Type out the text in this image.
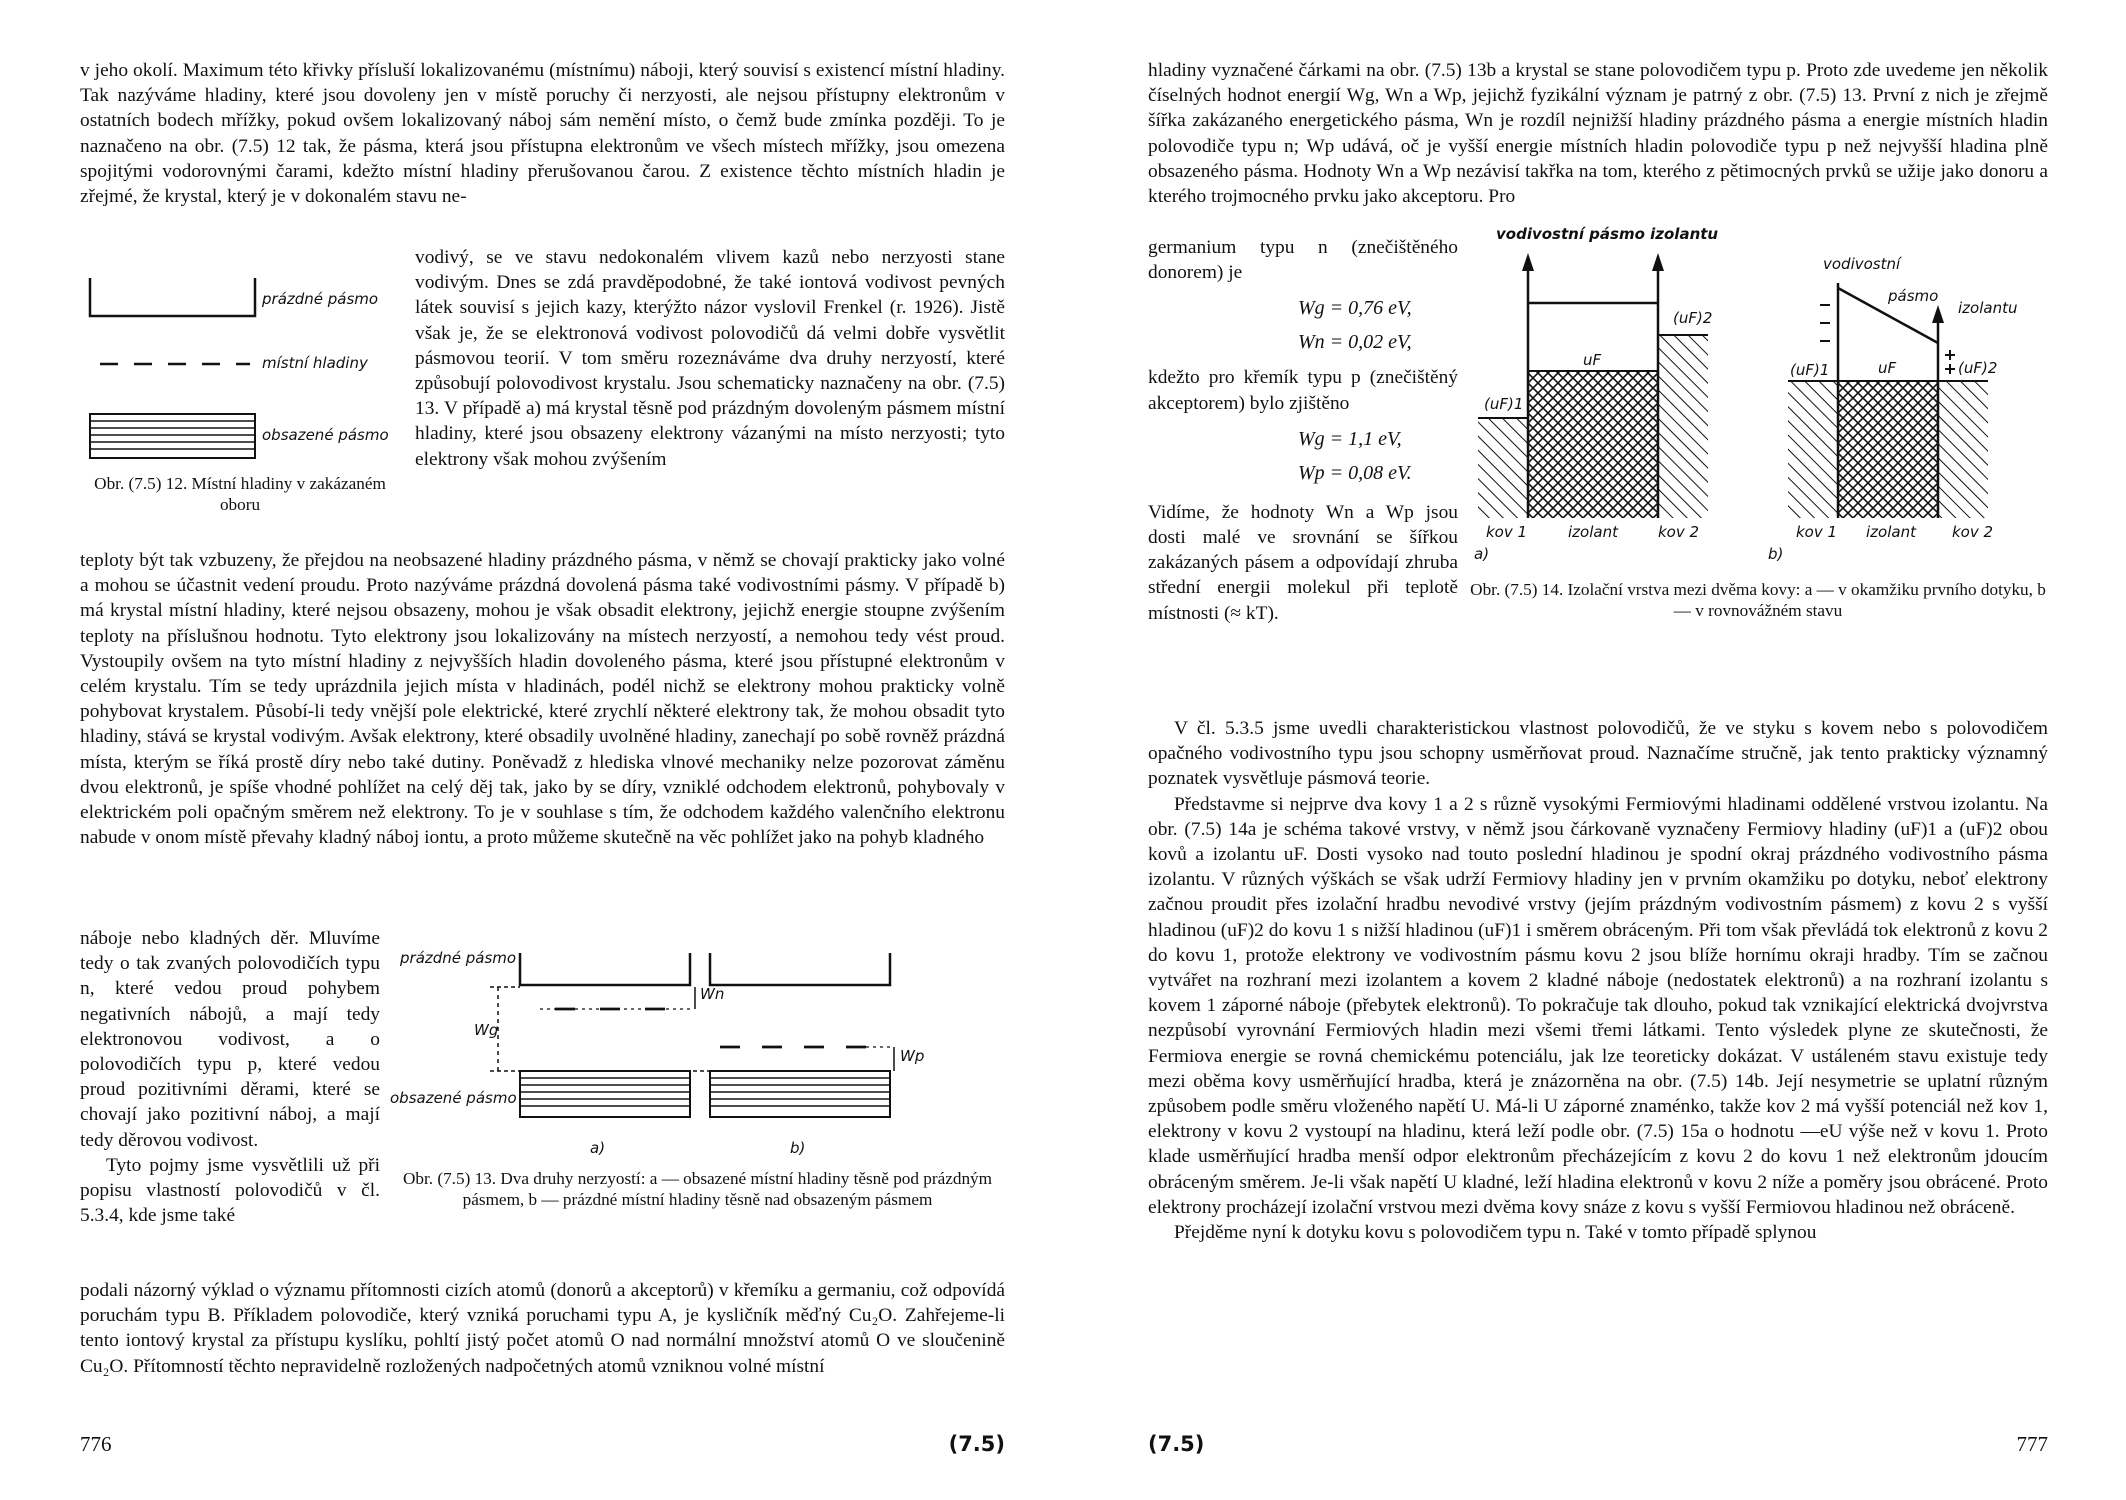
v jeho okolí. Maximum této křivky přísluší lokalizovanému (místnímu) náboji, který souvisí s existencí místní hladiny. Tak nazýváme hladiny, které jsou dovoleny jen v místě poruchy či nerzyosti, ale nejsou přístupny elektronům v ostatních bodech mřížky, pokud ovšem lokalizovaný náboj sám nemění místo, o čemž bude zmínka později. To je naznačeno na obr. (7.5) 12 tak, že pásma, která jsou přístupna elektronům ve všech místech mřížky, jsou omezena spojitými vodorovnými čarami, kdežto místní hladiny přerušovanou čarou. Z existence těchto místních hladin je zřejmé, že krystal, který je v dokonalém stavu ne-

prázdné pásmo
místní hladiny
obsazené pásmo

Obr. (7.5) 12. Místní hladiny v zakázaném oboru

vodivý, se ve stavu nedokonalém vlivem kazů nebo nerzyosti stane vodivým. Dnes se zdá pravděpodobné, že také iontová vodivost pevných látek souvisí s jejich kazy, kterýžto názor vyslovil Frenkel (r. 1926). Jistě však je, že se elektronová vodivost polovodičů dá velmi dobře vysvětlit pásmovou teorií. V tom směru rozeznáváme dva druhy nerzyostí, které způsobují polovodivost krystalu. Jsou schematicky naznačeny na obr. (7.5) 13. V případě a) má krystal těsně pod prázdným dovoleným pásmem místní hladiny, které jsou obsazeny elektrony vázanými na místo nerzyosti; tyto elektrony však mohou zvýšením

teploty být tak vzbuzeny, že přejdou na neobsazené hladiny prázdného pásma, v němž se chovají prakticky jako volné a mohou se účastnit vedení proudu. Proto nazýváme prázdná dovolená pásma také vodivostními pásmy. V případě b) má krystal místní hladiny, které nejsou obsazeny, mohou je však obsadit elektrony, jejichž energie stoupne zvýšením teploty na příslušnou hodnotu. Tyto elektrony jsou lokalizovány na místech nerzyostí, a nemohou tedy vést proud. Vystoupily ovšem na tyto místní hladiny z nejvyšších hladin dovoleného pásma, které jsou přístupné elektronům v celém krystalu. Tím se tedy uprázdnila jejich místa v hladinách, podél nichž se elektrony mohou prakticky volně pohybovat krystalem. Působí-li tedy vnější pole elektrické, které zrychlí některé elektrony tak, že mohou obsadit tyto hladiny, stává se krystal vodivým. Avšak elektrony, které obsadily uvolněné hladiny, zanechají po sobě rovněž prázdná místa, kterým se říká prostě díry nebo také dutiny. Poněvadž z hlediska vlnové mechaniky nelze pozorovat záměnu dvou elektronů, je spíše vhodné pohlížet na celý děj tak, jako by se díry, vzniklé odchodem elektronů, pohybovaly v elektrickém poli opačným směrem než elektrony. To je v souhlase s tím, že odchodem každého valenčního elektronu nabude v onom místě převahy kladný náboj iontu, a proto můžeme skutečně na věc pohlížet jako na pohyb kladného

náboje nebo kladných děr. Mluvíme tedy o tak zvaných polovodičích typu n, které vedou proud pohybem negativních nábojů, a mají tedy elektronovou vodivost, a o polovodičích typu p, které vedou proud pozitivními děrami, které se chovají jako pozitivní náboj, a mají tedy děrovou vodivost.

Tyto pojmy jsme vysvětlili už při popisu vlastností polovodičů v čl. 5.3.4, kde jsme také

prázdné pásmo
obsazené pásmo
Wg
Wn
Wp
a)	b)

Obr. (7.5) 13. Dva druhy nerzyostí: a — obsazené místní hladiny těsně pod prázdným pásmem, b — prázdné místní hladiny těsně nad obsazeným pásmem

podali názorný výklad o významu přítomnosti cizích atomů (donorů a akceptorů) v křemíku a germaniu, což odpovídá poruchám typu B. Příkladem polovodiče, který vzniká poruchami typu A, je kysličník měďný Cu₂O. Zahřejeme-li tento iontový krystal za přístupu kyslíku, pohltí jistý počet atomů O nad normální množství atomů O ve sloučenině Cu₂O. Přítomností těchto nepravidelně rozložených nadpočetných atomů vzniknou volné místní

776	(7.5)

hladiny vyznačené čárkami na obr. (7.5) 13b a krystal se stane polovodičem typu p. Proto zde uvedeme jen několik číselných hodnot energií Wg, Wn a Wp, jejichž fyzikální význam je patrný z obr. (7.5) 13. První z nich je zřejmě šířka zakázaného energetického pásma, Wn je rozdíl nejnižší hladiny prázdného pásma a energie místních hladin polovodiče typu n; Wp udává, oč je vyšší energie místních hladin polovodiče typu p než nejvyšší hladina plně obsazeného pásma. Hodnoty Wn a Wp nezávisí takřka na tom, kterého z pětimocných prvků se užije jako donoru a kterého trojmocného prvku jako akceptoru. Pro

germanium typu n (znečištěného donorem) je

Wg = 0,76 eV,
Wn = 0,02 eV,

kdežto pro křemík typu p (znečištěný akceptorem) bylo zjištěno

Wg = 1,1 eV,
Wp = 0,08 eV.

Vidíme, že hodnoty Wn a Wp jsou dosti malé ve srovnání se šířkou zakázaných pásem a odpovídají zhruba střední energii molekul při teplotě místnosti (≈ kT).

vodivostní pásmo izolantu
(uF)2
uF
(uF)1
kov 1	izolant	kov 2
a)
vodivostní
pásmo
izolantu
(uF)1	uF	(uF)2
kov 1 izolant kov 2
b)

Obr. (7.5) 14. Izolační vrstva mezi dvěma kovy: a — v okamžiku prvního dotyku, b — v rovnovážném stavu

V čl. 5.3.5 jsme uvedli charakteristickou vlastnost polovodičů, že ve styku s kovem nebo s polovodičem opačného vodivostního typu jsou schopny usměrňovat proud. Naznačíme stručně, jak tento prakticky významný poznatek vysvětluje pásmová teorie.

Představme si nejprve dva kovy 1 a 2 s různě vysokými Fermiovými hladinami oddělené vrstvou izolantu. Na obr. (7.5) 14a je schéma takové vrstvy, v němž jsou čárkovaně vyznačeny Fermiovy hladiny (uF)1 a (uF)2 obou kovů a izolantu uF. Dosti vysoko nad touto poslední hladinou je spodní okraj prázdného vodivostního pásma izolantu. V různých výškách se však udrží Fermiovy hladiny jen v prvním okamžiku po dotyku, neboť elektrony začnou proudit přes izolační hradbu nevodivé vrstvy (jejím prázdným vodivostním pásmem) z kovu 2 s vyšší hladinou (uF)2 do kovu 1 s nižší hladinou (uF)1 i směrem obráceným. Při tom však převládá tok elektronů z kovu 2 do kovu 1, protože elektrony ve vodivostním pásmu kovu 2 jsou blíže hornímu okraji hradby. Tím se začnou vytvářet na rozhraní mezi izolantem a kovem 2 kladné náboje (nedostatek elektronů) a na rozhraní izolantu s kovem 1 záporné náboje (přebytek elektronů). To pokračuje tak dlouho, pokud tak vznikající elektrická dvojvrstva nezpůsobí vyrovnání Fermiových hladin mezi všemi třemi látkami. Tento výsledek plyne ze skutečnosti, že Fermiova energie se rovná chemickému potenciálu, jak lze teoreticky dokázat. V ustáleném stavu existuje tedy mezi oběma kovy usměrňující hradba, která je znázorněna na obr. (7.5) 14b. Její nesymetrie se uplatní různým způsobem podle směru vloženého napětí U. Má-li U záporné znaménko, takže kov 2 má vyšší potenciál než kov 1, elektrony v kovu 2 vystoupí na hladinu, která leží podle obr. (7.5) 15a o hodnotu —eU výše než v kovu 1. Proto klade usměrňující hradba menší odpor elektronům přecházejícím z kovu 2 do kovu 1 než elektronům jdoucím obráceným směrem. Je-li však napětí U kladné, leží hladina elektronů v kovu 2 níže a poměry jsou obrácené. Proto elektrony procházejí izolační vrstvou mezi dvěma kovy snáze z kovu s vyšší Fermiovou hladinou než obráceně.

Přejděme nyní k dotyku kovu s polovodičem typu n. Také v tomto případě splynou

(7.5)	777
